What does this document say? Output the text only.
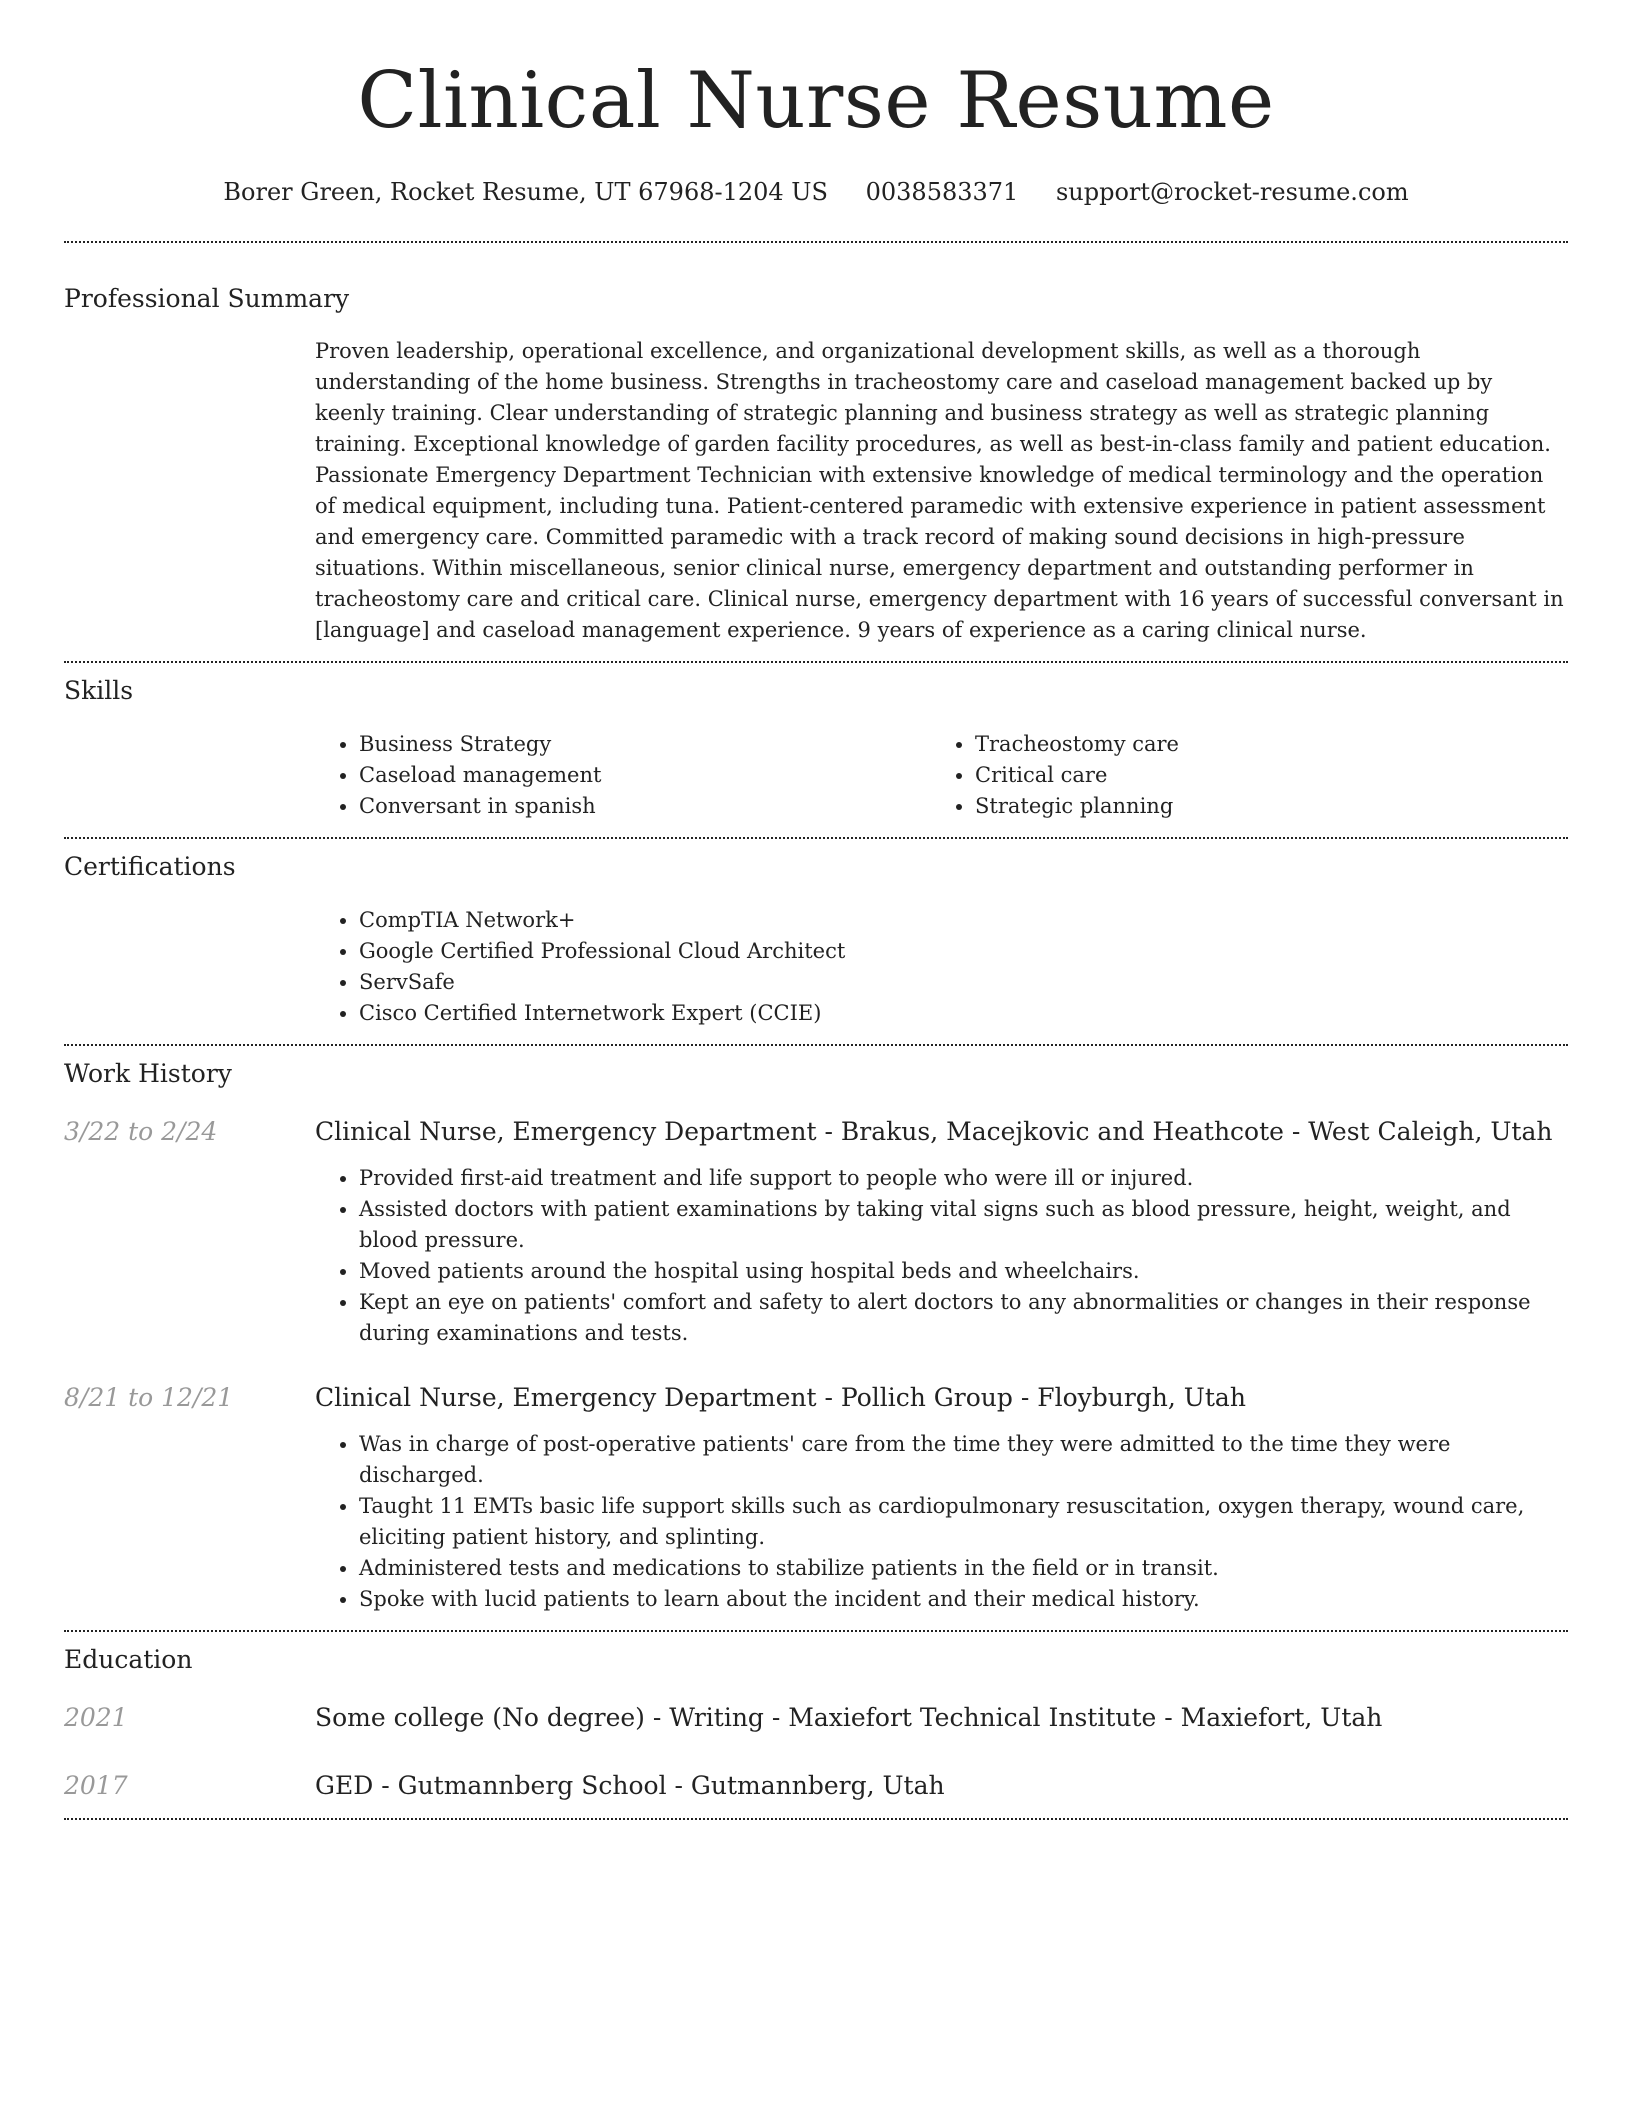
Clinical Nurse Resume
Borer Green, Rocket Resume, UT 67968-1204 US 0038583371 support@rocket-resume.com
Professional Summary

Proven leadership, operational excellence, and organizational development skills, as well as a thorough understanding of the home business. Strengths in tracheostomy care and caseload management backed up by keenly training. Clear understanding of strategic planning and business strategy as well as strategic planning training. Exceptional knowledge of garden facility procedures, as well as best-in-class family and patient education. Passionate Emergency Department Technician with extensive knowledge of medical terminology and the operation of medical equipment, including tuna. Patient-centered paramedic with extensive experience in patient assessment and emergency care. Committed paramedic with a track record of making sound decisions in high-pressure situations. Within miscellaneous, senior clinical nurse, emergency department and outstanding performer in tracheostomy care and critical care. Clinical nurse, emergency department with 16 years of successful conversant in [language] and caseload management experience. 9 years of experience as a caring clinical nurse.

Skills
• Business Strategy
• Caseload management
• Conversant in spanish
• Tracheostomy care
• Critical care
• Strategic planning
Certifications
• CompTIA Network+
• Google Certified Professional Cloud Architect
• ServSafe
• Cisco Certified Internetwork Expert (CCIE)
Work History
3/22 to 2/24	Clinical Nurse, Emergency Department - Brakus, Macejkovic and Heathcote - West Caleigh, Utah
• Provided first-aid treatment and life support to people who were ill or injured.
• Assisted doctors with patient examinations by taking vital signs such as blood pressure, height, weight, and blood pressure.
• Moved patients around the hospital using hospital beds and wheelchairs.
• Kept an eye on patients' comfort and safety to alert doctors to any abnormalities or changes in their response during examinations and tests.
8/21 to 12/21	Clinical Nurse, Emergency Department - Pollich Group - Floyburgh, Utah
• Was in charge of post-operative patients' care from the time they were admitted to the time they were discharged.
• Taught 11 EMTs basic life support skills such as cardiopulmonary resuscitation, oxygen therapy, wound care, eliciting patient history, and splinting.
• Administered tests and medications to stabilize patients in the field or in transit.
• Spoke with lucid patients to learn about the incident and their medical history.
Education
2021	Some college (No degree) - Writing - Maxiefort Technical Institute - Maxiefort, Utah
2017	GED - Gutmannberg School - Gutmannberg, Utah
